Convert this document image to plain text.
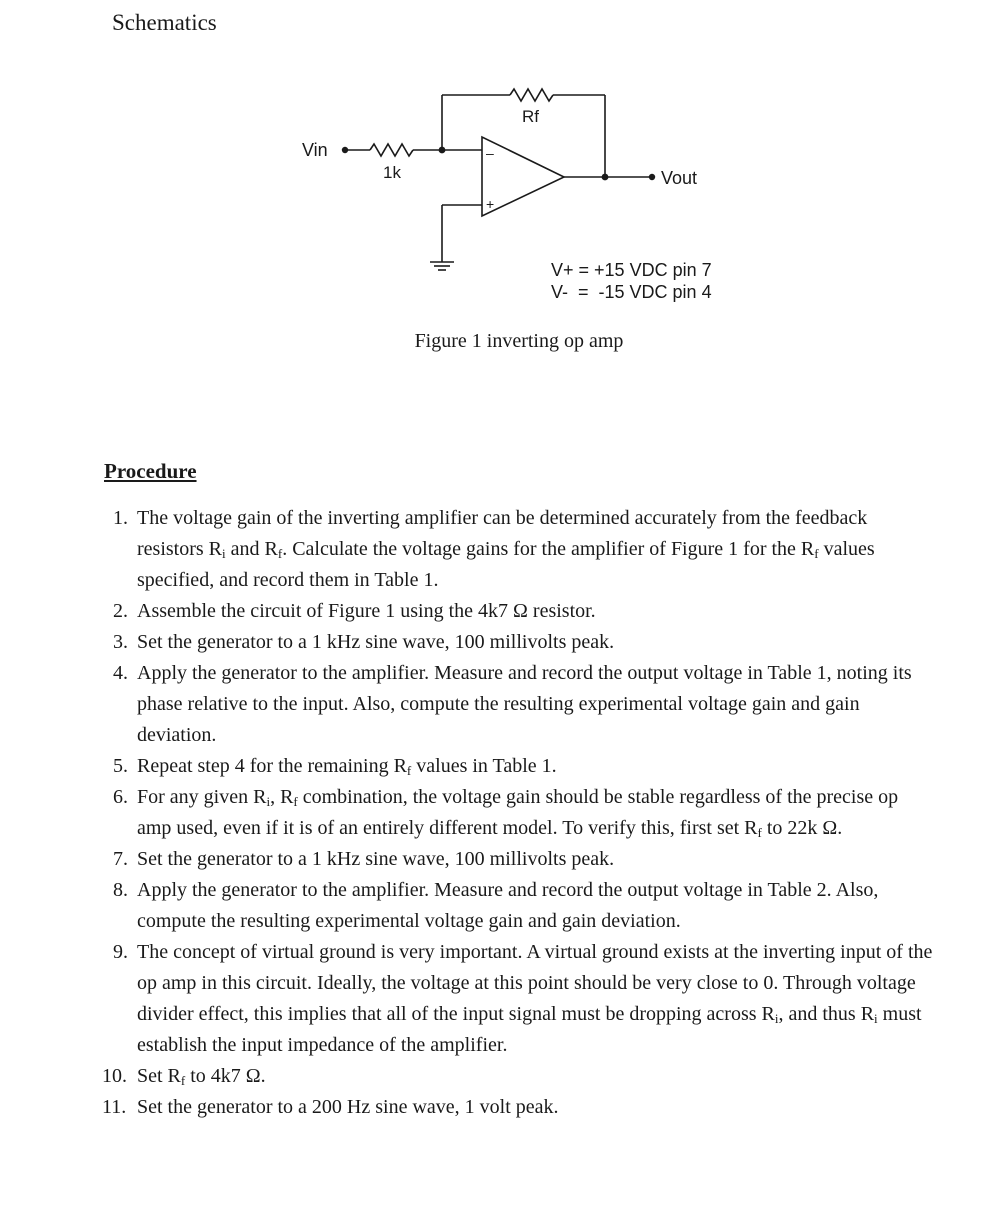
Schematics
Vin
1k
Rf
Vout
–
+
V+ = +15 VDC pin 7
V-  =  -15 VDC pin 4
Figure 1 inverting op amp
Procedure
1. The voltage gain of the inverting amplifier can be determined accurately from the feedback resistors $R_i$ and $R_f$. Calculate the voltage gains for the amplifier of Figure 1 for the $R_f$ values specified, and record them in Table 1.
2. Assemble the circuit of Figure 1 using the 4k7 Ω resistor.
3. Set the generator to a 1 kHz sine wave, 100 millivolts peak.
4. Apply the generator to the amplifier. Measure and record the output voltage in Table 1, noting its phase relative to the input. Also, compute the resulting experimental voltage gain and gain deviation.
5. Repeat step 4 for the remaining $R_f$ values in Table 1.
6. For any given $R_i$, $R_f$ combination, the voltage gain should be stable regardless of the precise op amp used, even if it is of an entirely different model. To verify this, first set $R_f$ to 22k Ω.
7. Set the generator to a 1 kHz sine wave, 100 millivolts peak.
8. Apply the generator to the amplifier. Measure and record the output voltage in Table 2. Also, compute the resulting experimental voltage gain and gain deviation.
9. The concept of virtual ground is very important. A virtual ground exists at the inverting input of the op amp in this circuit. Ideally, the voltage at this point should be very close to 0. Through voltage divider effect, this implies that all of the input signal must be dropping across $R_i$, and thus $R_i$ must establish the input impedance of the amplifier.
10. Set $R_f$ to 4k7 Ω.
11. Set the generator to a 200 Hz sine wave, 1 volt peak.
